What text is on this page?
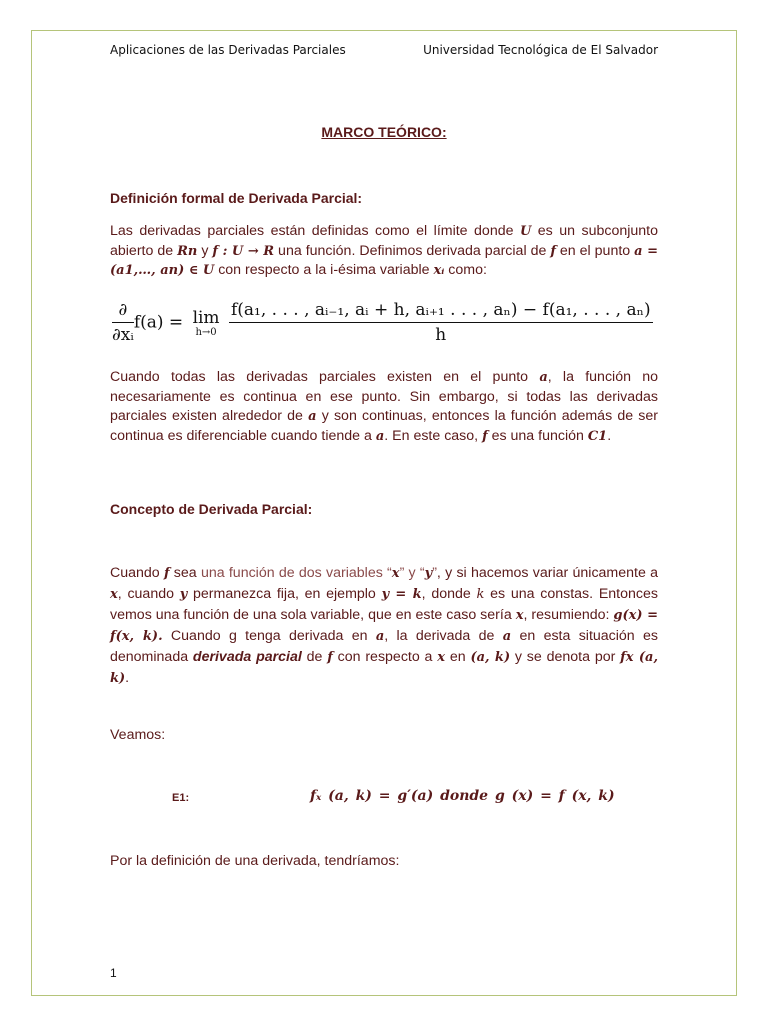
Aplicaciones de las Derivadas Parciales	Universidad Tecnológica de El Salvador
MARCO TEÓRICO:
Definición formal de Derivada Parcial:
Las derivadas parciales están definidas como el límite donde U es un subconjunto abierto de Rn y f : U → R una función. Definimos derivada parcial de f en el punto a = (a1,…, an) ∈ U con respecto a la i-ésima variable xᵢ como:
$\frac{\partial}{\text{∂xᵢ}} f(a) = \lim$
h→0

f(a₁, . . . , aᵢ₋₁, aᵢ + h, aᵢ₊₁ . . . , aₙ) − f(a₁, . . . , aₙ)
h
Cuando todas las derivadas parciales existen en el punto a, la función no necesariamente es continua en ese punto. Sin embargo, si todas las derivadas parciales existen alrededor de a y son continuas, entonces la función además de ser continua es diferenciable cuando tiende a a. En este caso, f es una función C1.
Concepto de Derivada Parcial:
Cuando f sea una función de dos variables “x” y “y”, y si hacemos variar únicamente a x, cuando y permanezca fija, en ejemplo y = k, donde k es una constas. Entonces vemos una función de una sola variable, que en este caso sería x, resumiendo: g(x) = f(x, k). Cuando g tenga derivada en a, la derivada de a en esta situación es denominada derivada parcial de f con respecto a x en (a, k) y se denota por fx (a, k).
Veamos:
E1:	fₓ (a, k) = g′(a) donde g (x) = f (x, k)
Por la definición de una derivada, tendríamos:
1
